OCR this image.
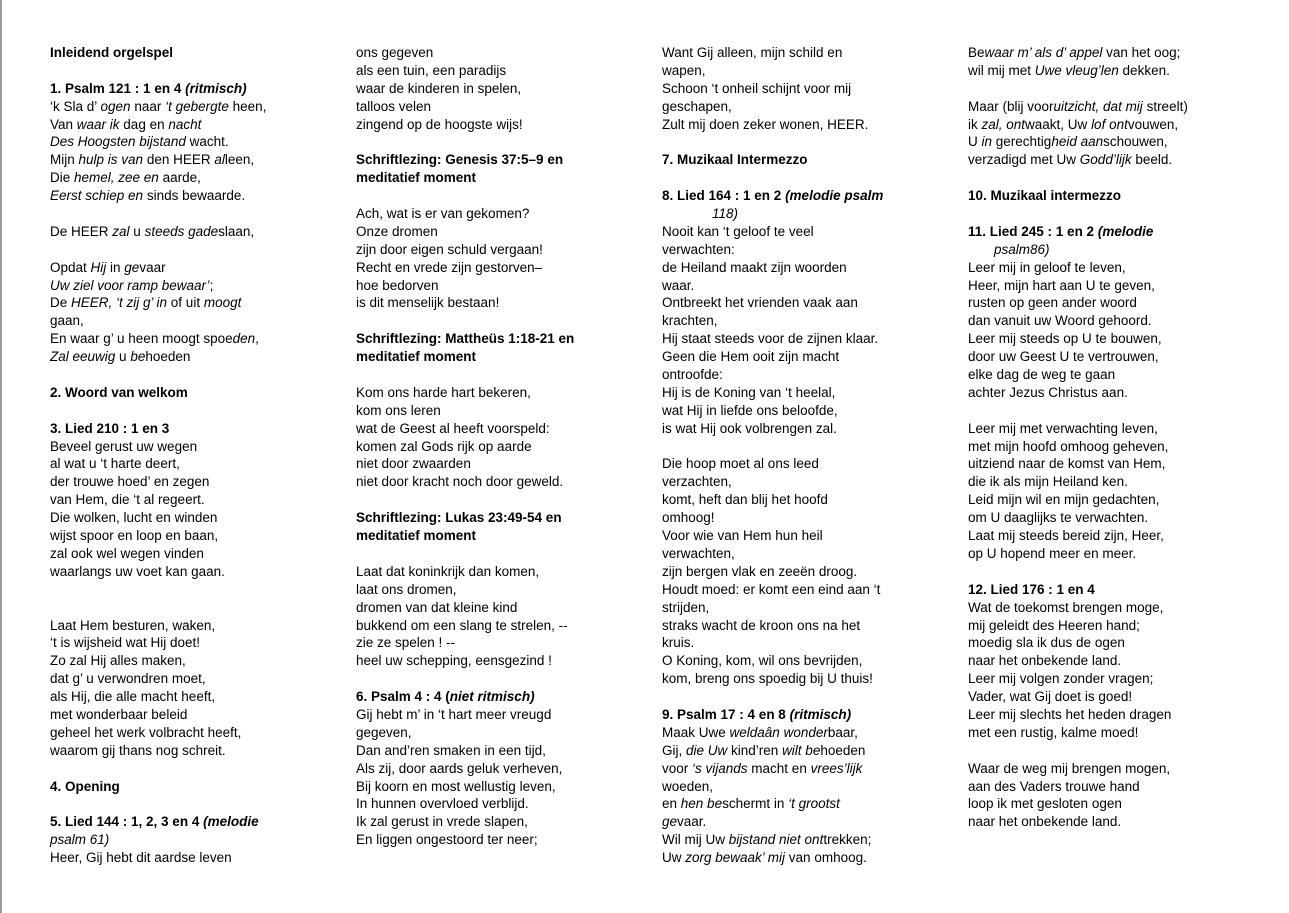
Inleidend orgelspel
1. Psalm 121 : 1 en 4 (ritmisch)
‘k Sla d’ ogen naar ‘t gebergte heen,
Van waar ik dag en nacht
Des Hoogsten bijstand wacht.
Mijn hulp is van den HEER alleen,
Die hemel, zee en aarde,
Eerst schiep en sinds bewaarde.
De HEER zal u steeds gadeslaan,
Opdat Hij in gevaar
Uw ziel voor ramp bewaar’;
De HEER, ‘t zij g’ in of uit moogt
gaan,
En waar g’ u heen moogt spoeden,
Zal eeuwig u behoeden
2. Woord van welkom
3. Lied 210 : 1 en 3
Beveel gerust uw wegen
al wat u ‘t harte deert,
der trouwe hoed’ en zegen
van Hem, die ‘t al regeert.
Die wolken, lucht en winden
wijst spoor en loop en baan,
zal ook wel wegen vinden
waarlangs uw voet kan gaan.
Laat Hem besturen, waken,
‘t is wijsheid wat Hij doet!
Zo zal Hij alles maken,
dat g’ u verwondren moet,
als Hij, die alle macht heeft,
met wonderbaar beleid
geheel het werk volbracht heeft,
waarom gij thans nog schreit.
4. Opening
5. Lied 144 : 1, 2, 3 en 4 (melodie
psalm 61)
Heer, Gij hebt dit aardse leven
ons gegeven
als een tuin, een paradijs
waar de kinderen in spelen,
talloos velen
zingend op de hoogste wijs!
Schriftlezing: Genesis 37:5–9 en
meditatief moment
Ach, wat is er van gekomen?
Onze dromen
zijn door eigen schuld vergaan!
Recht en vrede zijn gestorven–
hoe bedorven
is dit menselijk bestaan!
Schriftlezing: Mattheüs 1:18-21 en
meditatief moment
Kom ons harde hart bekeren,
kom ons leren
wat de Geest al heeft voorspeld:
komen zal Gods rijk op aarde
niet door zwaarden
niet door kracht noch door geweld.
Schriftlezing: Lukas 23:49-54 en
meditatief moment
Laat dat koninkrijk dan komen,
laat ons dromen,
dromen van dat kleine kind
bukkend om een slang te strelen, --
zie ze spelen ! --
heel uw schepping, eensgezind !
6. Psalm 4 : 4 (niet ritmisch)
Gij hebt m’ in ‘t hart meer vreugd
gegeven,
Dan and’ren smaken in een tijd,
Als zij, door aards geluk verheven,
Bij koorn en most wellustig leven,
In hunnen overvloed verblijd.
Ik zal gerust in vrede slapen,
En liggen ongestoord ter neer;
Want Gij alleen, mijn schild en
wapen,
Schoon ‘t onheil schijnt voor mij
geschapen,
Zult mij doen zeker wonen, HEER.
7. Muzikaal Intermezzo
8. Lied 164 : 1 en 2 (melodie psalm
118)
Nooit kan ‘t geloof te veel
verwachten:
de Heiland maakt zijn woorden
waar.
Ontbreekt het vrienden vaak aan
krachten,
Hij staat steeds voor de zijnen klaar.
Geen die Hem ooit zijn macht
ontroofde:
Hij is de Koning van ‘t heelal,
wat Hij in liefde ons beloofde,
is wat Hij ook volbrengen zal.
Die hoop moet al ons leed
verzachten,
komt, heft dan blij het hoofd
omhoog!
Voor wie van Hem hun heil
verwachten,
zijn bergen vlak en zeeën droog.
Houdt moed: er komt een eind aan ‘t
strijden,
straks wacht de kroon ons na het
kruis.
O Koning, kom, wil ons bevrijden,
kom, breng ons spoedig bij U thuis!
9. Psalm 17 : 4 en 8 (ritmisch)
Maak Uwe weldaân wonderbaar,
Gij, die Uw kind’ren wilt behoeden
voor ‘s vijands macht en vrees’lijk
woeden,
en hen beschermt in ‘t grootst
gevaar.
Wil mij Uw bijstand niet onttrekken;
Uw zorg bewaak’ mij van omhoog.
Bewaar m’ als d’ appel van het oog;
wil mij met Uwe vleug’len dekken.
Maar (blij vooruitzicht, dat mij streelt)
ik zal, ontwaakt, Uw lof ontvouwen,
U in gerechtigheid aanschouwen,
verzadigd met Uw Godd’lijk beeld.
10. Muzikaal intermezzo
11. Lied 245 : 1 en 2 (melodie
psalm86)
Leer mij in geloof te leven,
Heer, mijn hart aan U te geven,
rusten op geen ander woord
dan vanuit uw Woord gehoord.
Leer mij steeds op U te bouwen,
door uw Geest U te vertrouwen,
elke dag de weg te gaan
achter Jezus Christus aan.
Leer mij met verwachting leven,
met mijn hoofd omhoog geheven,
uitziend naar de komst van Hem,
die ik als mijn Heiland ken.
Leid mijn wil en mijn gedachten,
om U daaglijks te verwachten.
Laat mij steeds bereid zijn, Heer,
op U hopend meer en meer.
12. Lied 176 : 1 en 4
Wat de toekomst brengen moge,
mij geleidt des Heeren hand;
moedig sla ik dus de ogen
naar het onbekende land.
Leer mij volgen zonder vragen;
Vader, wat Gij doet is goed!
Leer mij slechts het heden dragen
met een rustig, kalme moed!
Waar de weg mij brengen mogen,
aan des Vaders trouwe hand
loop ik met gesloten ogen
naar het onbekende land.
